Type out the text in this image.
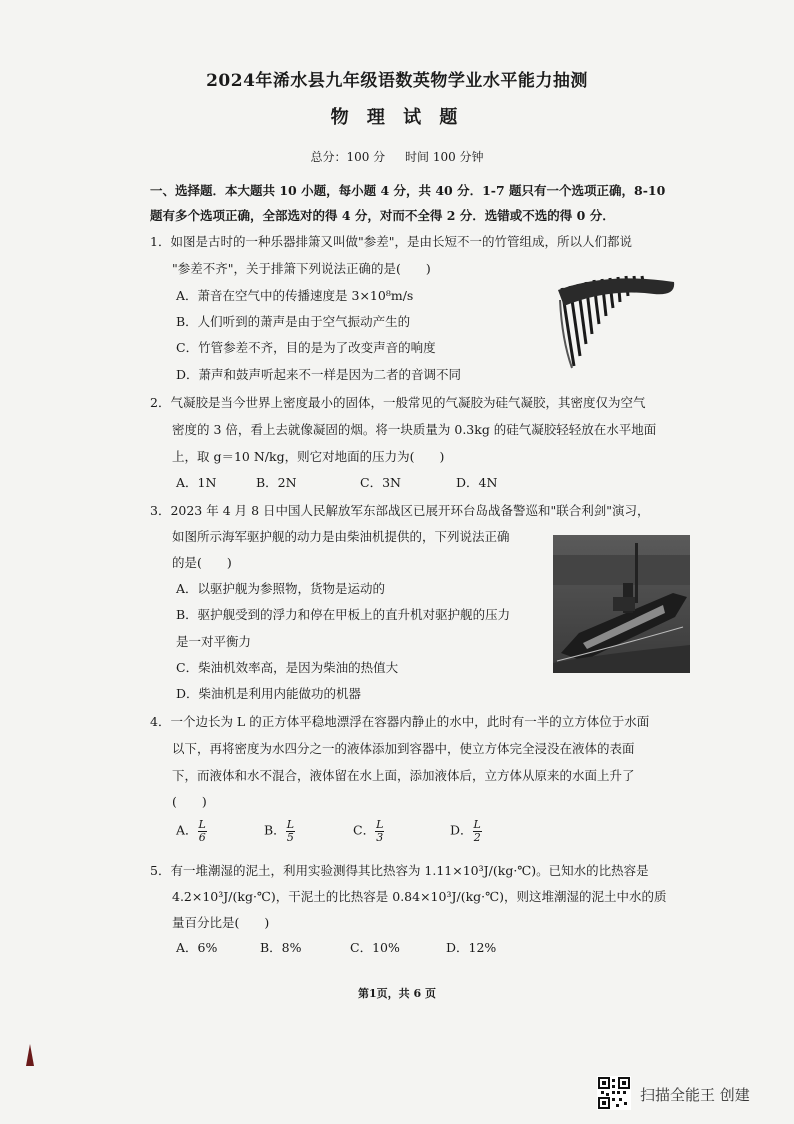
2024年浠水县九年级语数英物学业水平能力抽测
物 理 试 题
总分：100 分 时间 100 分钟
一、选择题．本大题共 10 小题，每小题 4 分，共 40 分．1-7 题只有一个选项正确，8-10
题有多个选项正确，全部选对的得 4 分，对而不全得 2 分．选错或不选的得 0 分．
1．如图是古时的一种乐器排箫又叫做"参差"，是由长短不一的竹管组成，所以人们都说
"参差不齐"，关于排箫下列说法正确的是(　　)
A．萧音在空气中的传播速度是 3×10⁸m/s
B．人们听到的萧声是由于空气振动产生的
C．竹管参差不齐，目的是为了改变声音的响度
D．萧声和鼓声听起来不一样是因为二者的音调不同
2．气凝胶是当今世界上密度最小的固体，一般常见的气凝胶为硅气凝胶，其密度仅为空气
密度的 3 倍，看上去就像凝固的烟。将一块质量为 0.3kg 的硅气凝胶轻轻放在水平地面
上，取 g＝10 N/kg，则它对地面的压力为(　　)
A．1N	B．2N	C．3N	D．4N
3．2023 年 4 月 8 日中国人民解放军东部战区已展开环台岛战备警巡和"联合利剑"演习，
如图所示海军驱护舰的动力是由柴油机提供的，下列说法正确
的是(　　)
A．以驱护舰为参照物，货物是运动的
B．驱护舰受到的浮力和停在甲板上的直升机对驱护舰的压力
是一对平衡力
C．柴油机效率高，是因为柴油的热值大
D．柴油机是利用内能做功的机器
4．一个边长为 L 的正方体平稳地漂浮在容器内静止的水中，此时有一半的立方体位于水面
以下，再将密度为水四分之一的液体添加到容器中，使立方体完全浸没在液体的表面
下，而液体和水不混合，液体留在水上面，添加液体后，立方体从原来的水面上升了
(　　)
A． $\frac{L}{6}$	B． $\frac{L}{5}$	C． $\frac{L}{3}$	D． $\frac{L}{2}$
5．有一堆潮湿的泥土，利用实验测得其比热容为 1.11×10³J/(kg·℃)。已知水的比热容是
4.2×10³J/(kg·℃)，干泥土的比热容是 0.84×10³J/(kg·℃)，则这堆潮湿的泥土中水的质
量百分比是(　　)
A．6%	B．8%	C．10%	D．12%
第1页，共 6 页
扫描全能王 创建
